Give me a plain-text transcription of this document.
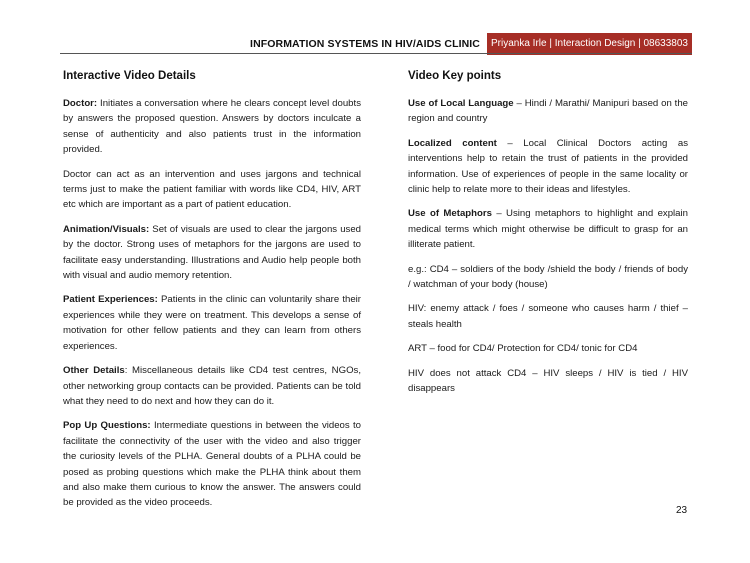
INFORMATION SYSTEMS IN HIV/AIDS CLINIC	Priyanka Irle | Interaction Design | 08633803
Interactive Video Details

Doctor: Initiates a conversation where he clears concept level doubts by answers the proposed question. Answers by doctors inculcate a sense of authenticity and also patients trust in the information provided.

Doctor can act as an intervention and uses jargons and technical terms just to make the patient familiar with words like CD4, HIV, ART etc which are important as a part of patient education.

Animation/Visuals: Set of visuals are used to clear the jargons used by the doctor. Strong uses of metaphors for the jargons are used to facilitate easy understanding. Illustrations and Audio help people both with visual and audio memory retention.

Patient Experiences: Patients in the clinic can voluntarily share their experiences while they were on treatment. This develops a sense of motivation for other fellow patients and they can learn from others experiences.

Other Details: Miscellaneous details like CD4 test centres, NGOs, other networking group contacts can be provided. Patients can be told what they need to do next and how they can do it.

Pop Up Questions: Intermediate questions in between the videos to facilitate the connectivity of the user with the video and also trigger the curiosity levels of the PLHA. General doubts of a PLHA could be posed as probing questions which make the PLHA think about them and also make them curious to know the answer. The answers could be provided as the video proceeds.

Video Key points

Use of Local Language – Hindi / Marathi/ Manipuri based on the region and country

Localized content – Local Clinical Doctors acting as interventions help to retain the trust of patients in the provided information. Use of experiences of people in the same locality or clinic help to relate more to their ideas and lifestyles.

Use of Metaphors – Using metaphors to highlight and explain medical terms which might otherwise be difficult to grasp for an illiterate patient.

e.g.: CD4 – soldiers of the body /shield the body / friends of body / watchman of your body (house)

HIV: enemy attack / foes / someone who causes harm / thief –steals health

ART – food for CD4/ Protection for CD4/ tonic for CD4

HIV does not attack CD4 – HIV sleeps / HIV is tied / HIV disappears

23
